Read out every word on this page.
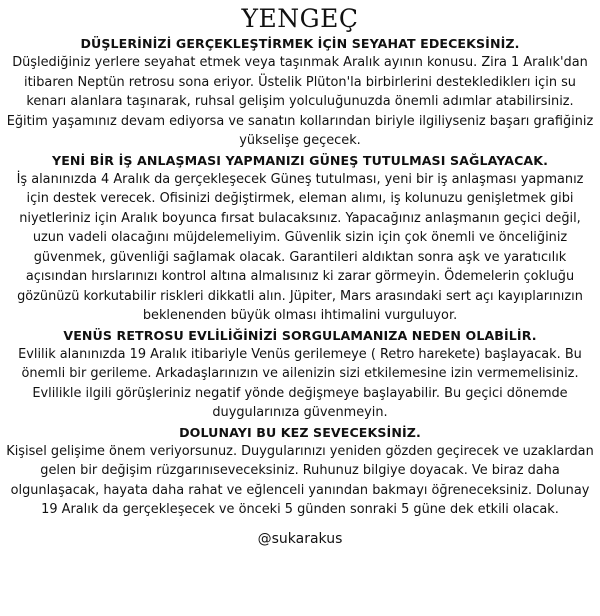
YENGEÇ
DÜŞLERİNİZİ GERÇEKLEŞTİRMEK İÇİN SEYAHAT EDECEKSİNİZ.

Düşlediğiniz yerlere seyahat etmek veya taşınmak Aralık ayının konusu. Zira 1 Aralık'dan itibaren Neptün retrosu sona eriyor. Üstelik Plüton'la birbirlerini desteklediklerı için su kenarı alanlara taşınarak, ruhsal gelişim yolculuğunuzda önemli adımlar atabilirsiniz. Eğitim yaşamınız devam ediyorsa ve sanatın kollarından biriyle ilgiliyseniz başarı grafiğiniz yükselişe geçecek.

YENİ BİR İŞ ANLAŞMASI YAPMANIZI GÜNEŞ TUTULMASI SAĞLAYACAK.

İş alanınızda 4 Aralık da gerçekleşecek Güneş tutulması, yeni bir iş anlaşması yapmanız için destek verecek. Ofisinizi değiştirmek, eleman alımı, iş kolunuzu genişletmek gibi niyetleriniz için Aralık boyunca fırsat bulacaksınız. Yapacağınız anlaşmanın geçici değil, uzun vadeli olacağını müjdelemeliyim. Güvenlik sizin için çok önemli ve önceliğiniz güvenmek, güvenliği sağlamak olacak. Garantileri aldıktan sonra aşk ve yaratıcılık açısından hırslarınızı kontrol altına almalısınız ki zarar görmeyin. Ödemelerin çokluğu gözünüzü korkutabilir riskleri dikkatli alın. Jüpiter, Mars arasındaki sert açı kayıplarınızın beklenenden büyük olması ihtimalini vurguluyor.

VENÜS RETROSU EVLİLİĞİNİZİ SORGULAMANIZA NEDEN OLABİLİR.

Evlilik alanınızda 19 Aralık itibariyle Venüs gerilemeye ( Retro harekete) başlayacak. Bu önemli bir gerileme. Arkadaşlarınızın ve ailenizin sizi etkilemesine izin vermemelisiniz. Evlilikle ilgili görüşleriniz negatif yönde değişmeye başlayabilir. Bu geçici dönemde duygularınıza güvenmeyin.

DOLUNAYI BU KEZ SEVECEKSİNİZ.

Kişisel gelişime önem veriyorsunuz. Duygularınızı yeniden gözden geçirecek ve uzaklardan gelen bir değişim rüzgarınıseveceksiniz. Ruhunuz bilgiye doyacak. Ve biraz daha olgunlaşacak, hayata daha rahat ve eğlenceli yanından bakmayı öğreneceksiniz. Dolunay 19 Aralık da gerçekleşecek ve önceki 5 günden sonraki 5 güne dek etkili olacak.

@sukarakus
